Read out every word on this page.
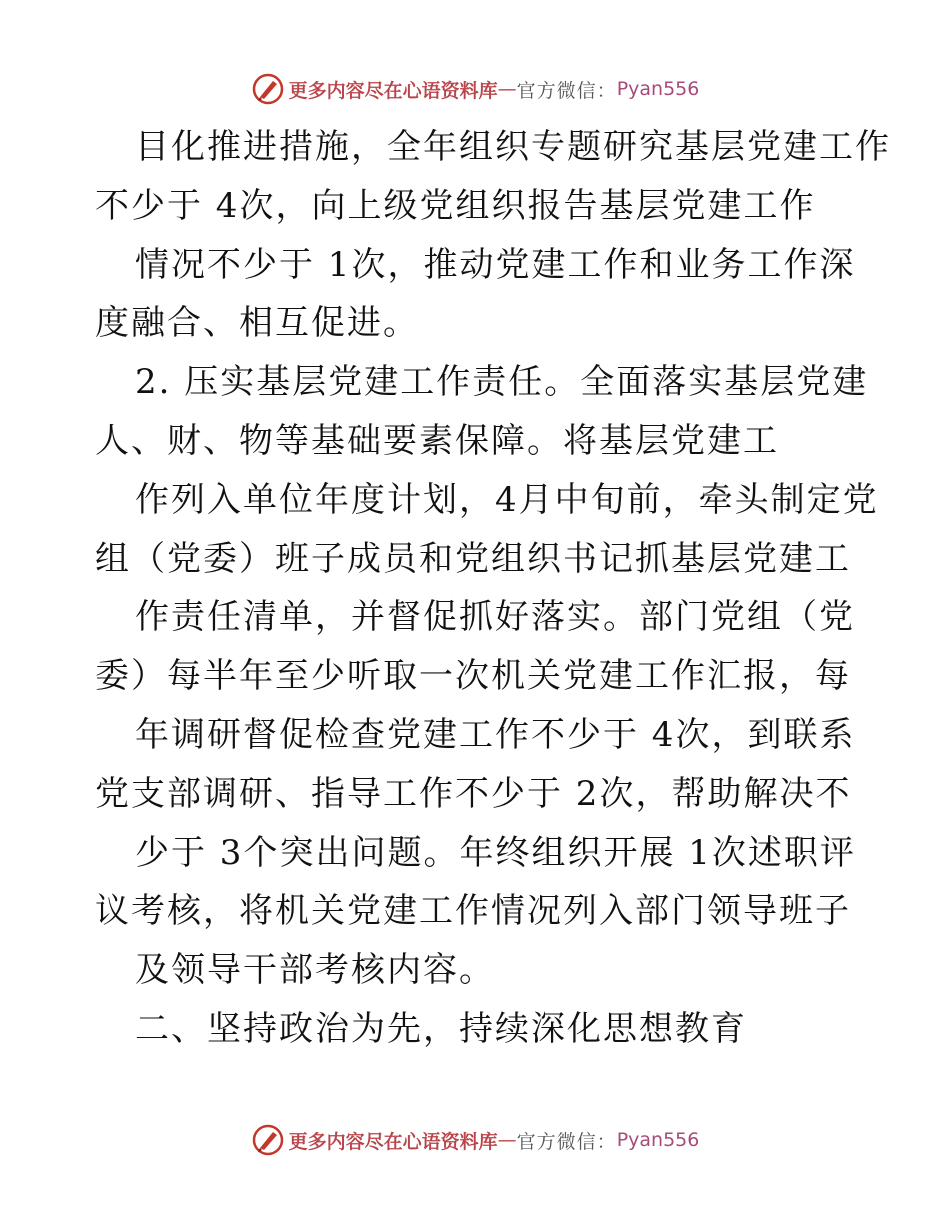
更多内容尽在心语资料库 — 官方微信： Pyan556
目化推进措施，全年组织专题研究基层党建工作
不少于 4次，向上级党组织报告基层党建工作
情况不少于 1次，推动党建工作和业务工作深
度融合、相互促进。
2. 压实基层党建工作责任。全面落实基层党建
人、财、物等基础要素保障。将基层党建工
作列入单位年度计划，4月中旬前，牵头制定党
组（党委）班子成员和党组织书记抓基层党建工
作责任清单，并督促抓好落实。部门党组（党
委）每半年至少听取一次机关党建工作汇报，每
年调研督促检查党建工作不少于 4次，到联系
党支部调研、指导工作不少于 2次，帮助解决不
少于 3个突出问题。年终组织开展 1次述职评
议考核，将机关党建工作情况列入部门领导班子
及领导干部考核内容。
二、坚持政治为先，持续深化思想教育
更多内容尽在心语资料库 — 官方微信： Pyan556
